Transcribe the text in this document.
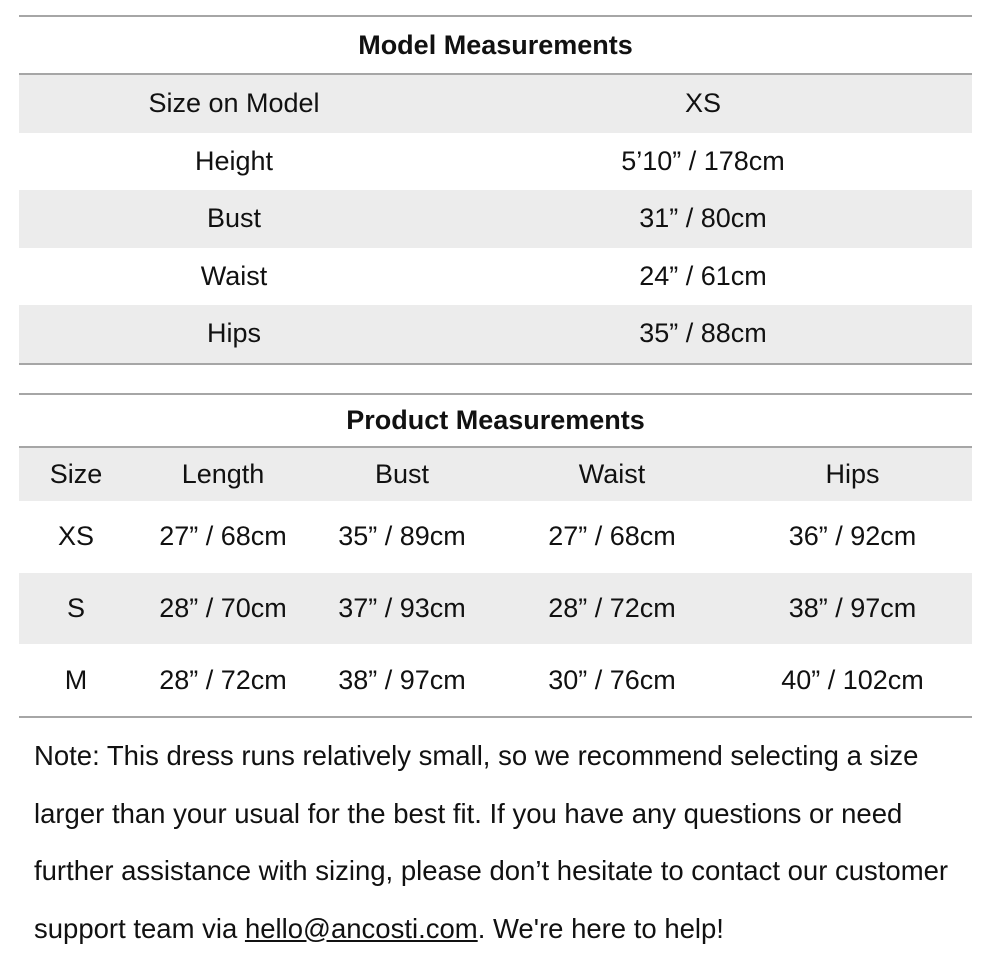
Model Measurements
Size on Model	XS
Height	5’10” / 178cm
Bust	31” / 80cm
Waist	24” / 61cm
Hips	35” / 88cm
Product Measurements
Size	Length	Bust	Waist	Hips
XS	27” / 68cm	35” / 89cm	27” / 68cm	36” / 92cm
S	28” / 70cm	37” / 93cm	28” / 72cm	38” / 97cm
M	28” / 72cm	38” / 97cm	30” / 76cm	40” / 102cm
Note: This dress runs relatively small, so we recommend selecting a size larger than your usual for the best fit. If you have any questions or need further assistance with sizing, please don’t hesitate to contact our customer support team via hello@ancosti.com. We're here to help!
